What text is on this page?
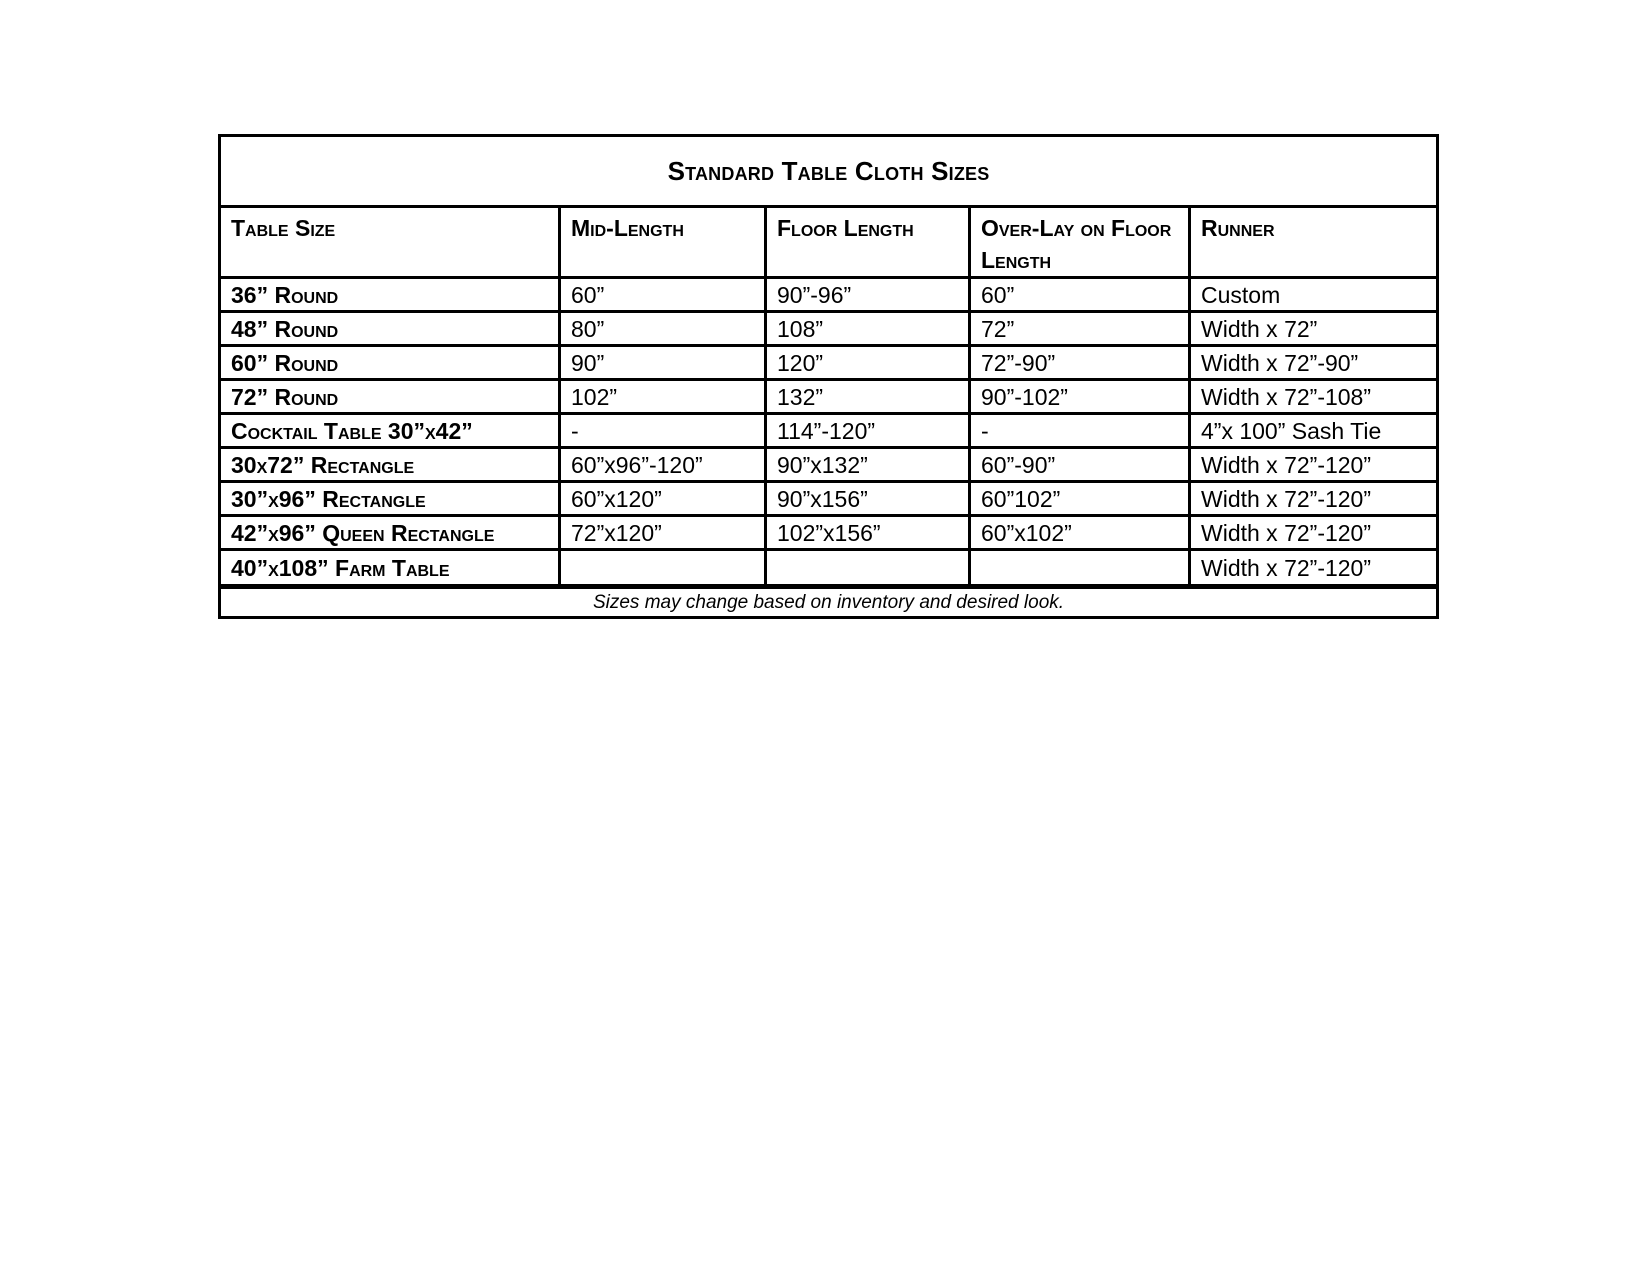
Standard Table Cloth Sizes				
Table Size	Mid-Length	Floor Length	Over-Lay on Floor Length	Runner
36” Round	60”	90”-96”	60”	Custom
48” Round	80”	108”	72”	Width x 72”
60” Round	90”	120”	72”-90”	Width x 72”-90”
72” Round	102”	132”	90”-102”	Width x 72”-108”
Cocktail Table 30”x42”	-	114”-120”	-	4”x 100” Sash Tie
30x72” Rectangle	60”x96”-120”	90”x132”	60”-90”	Width x 72”-120”
30”x96” Rectangle	60”x120”	90”x156”	60”102”	Width x 72”-120”
42”x96” Queen Rectangle	72”x120”	102”x156”	60”x102”	Width x 72”-120”
40”x108” Farm Table				Width x 72”-120”
Sizes may change based on inventory and desired look.				
